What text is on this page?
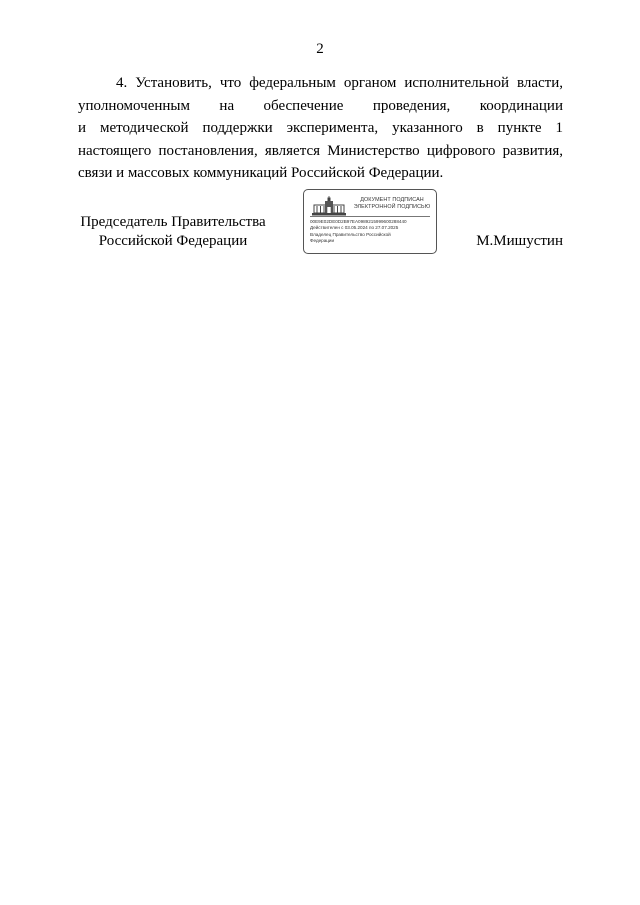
2
4. Установить, что федеральным органом исполнительной власти,
уполномоченным на обеспечение проведения, координации
и методической поддержки эксперимента, указанного в пункте 1
настоящего постановления, является Министерство цифрового развития,
связи и массовых коммуникаций Российской Федерации.
Председатель Правительства
Российской Федерации
ДОКУМЕНТ ПОДПИСАН
ЭЛЕКТРОННОЙ ПОДПИСЬЮ
00E9E02DE0D2B97EA0989215999600288440
Действителен с 03.05.2024 по 27.07.2025
Владелец Правительство Российской
Федерации	М.Мишустин
